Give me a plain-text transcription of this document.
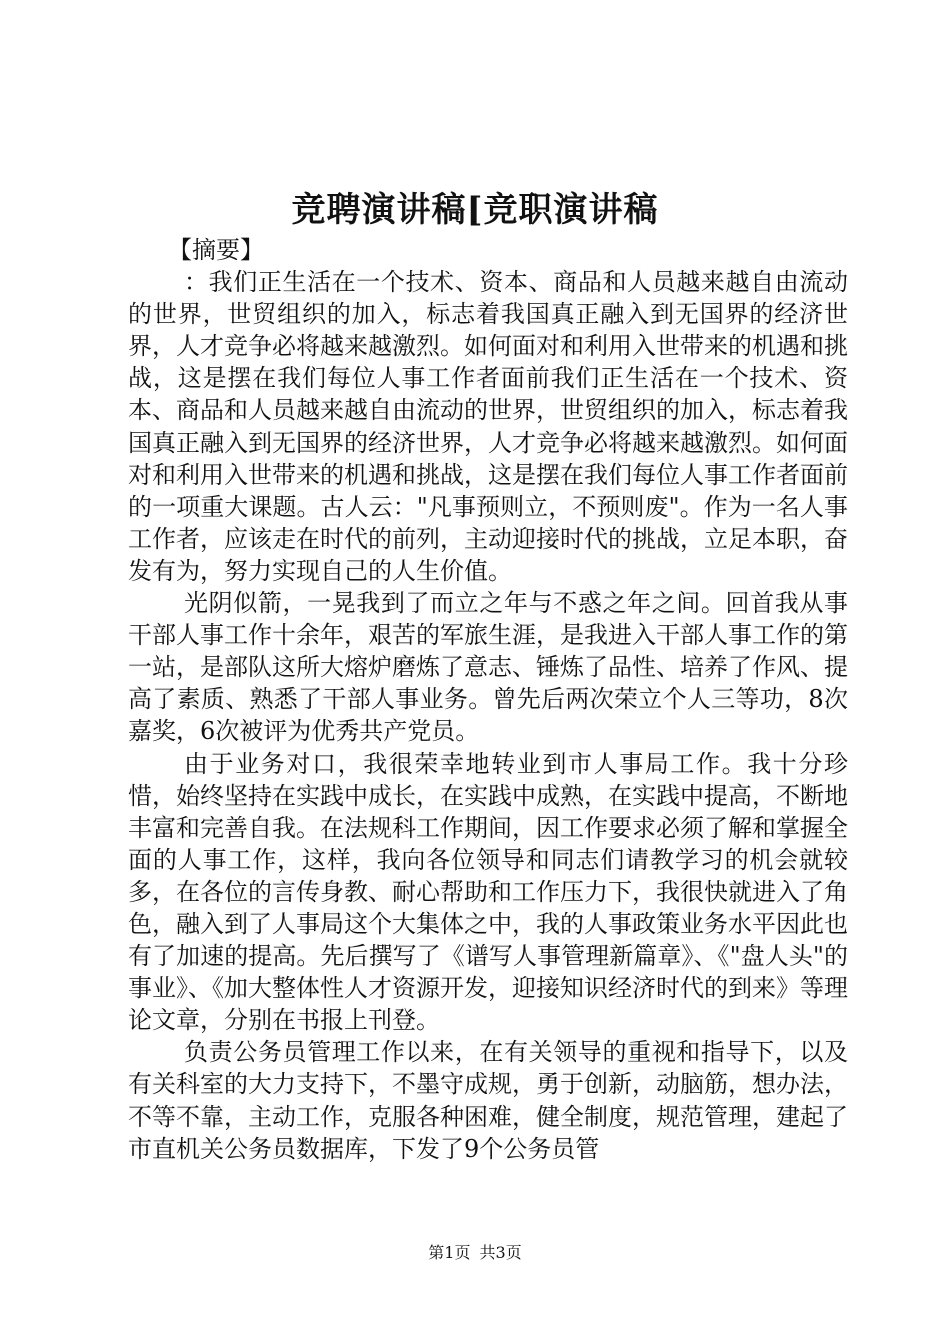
竞聘演讲稿[竞职演讲稿

【摘要】

：我们正生活在一个技术、资本、商品和人员越来越自由流动的世界，世贸组织的加入，标志着我国真正融入到无国界的经济世界，人才竞争必将越来越激烈。如何面对和利用入世带来的机遇和挑战，这是摆在我们每位人事工作者面前我们正生活在一个技术、资本、商品和人员越来越自由流动的世界，世贸组织的加入，标志着我国真正融入到无国界的经济世界，人才竞争必将越来越激烈。如何面对和利用入世带来的机遇和挑战，这是摆在我们每位人事工作者面前的一项重大课题。古人云："凡事预则立，不预则废"。作为一名人事工作者，应该走在时代的前列，主动迎接时代的挑战，立足本职，奋发有为，努力实现自己的人生价值。

光阴似箭，一晃我到了而立之年与不惑之年之间。回首我从事干部人事工作十余年，艰苦的军旅生涯，是我进入干部人事工作的第一站，是部队这所大熔炉磨炼了意志、锤炼了品性、培养了作风、提高了素质、熟悉了干部人事业务。曾先后两次荣立个人三等功，8次嘉奖，6次被评为优秀共产党员。

由于业务对口，我很荣幸地转业到市人事局工作。我十分珍惜，始终坚持在实践中成长，在实践中成熟，在实践中提高，不断地丰富和完善自我。在法规科工作期间，因工作要求必须了解和掌握全面的人事工作，这样，我向各位领导和同志们请教学习的机会就较多，在各位的言传身教、耐心帮助和工作压力下，我很快就进入了角色，融入到了人事局这个大集体之中，我的人事政策业务水平因此也有了加速的提高。先后撰写了《谱写人事管理新篇章》、《"盘人头"的事业》、《加大整体性人才资源开发，迎接知识经济时代的到来》等理论文章，分别在书报上刊登。

负责公务员管理工作以来，在有关领导的重视和指导下，以及有关科室的大力支持下，不墨守成规，勇于创新，动脑筋，想办法，不等不靠，主动工作，克服各种困难，健全制度，规范管理，建起了市直机关公务员数据库，下发了9个公务员管

第1页 共3页
